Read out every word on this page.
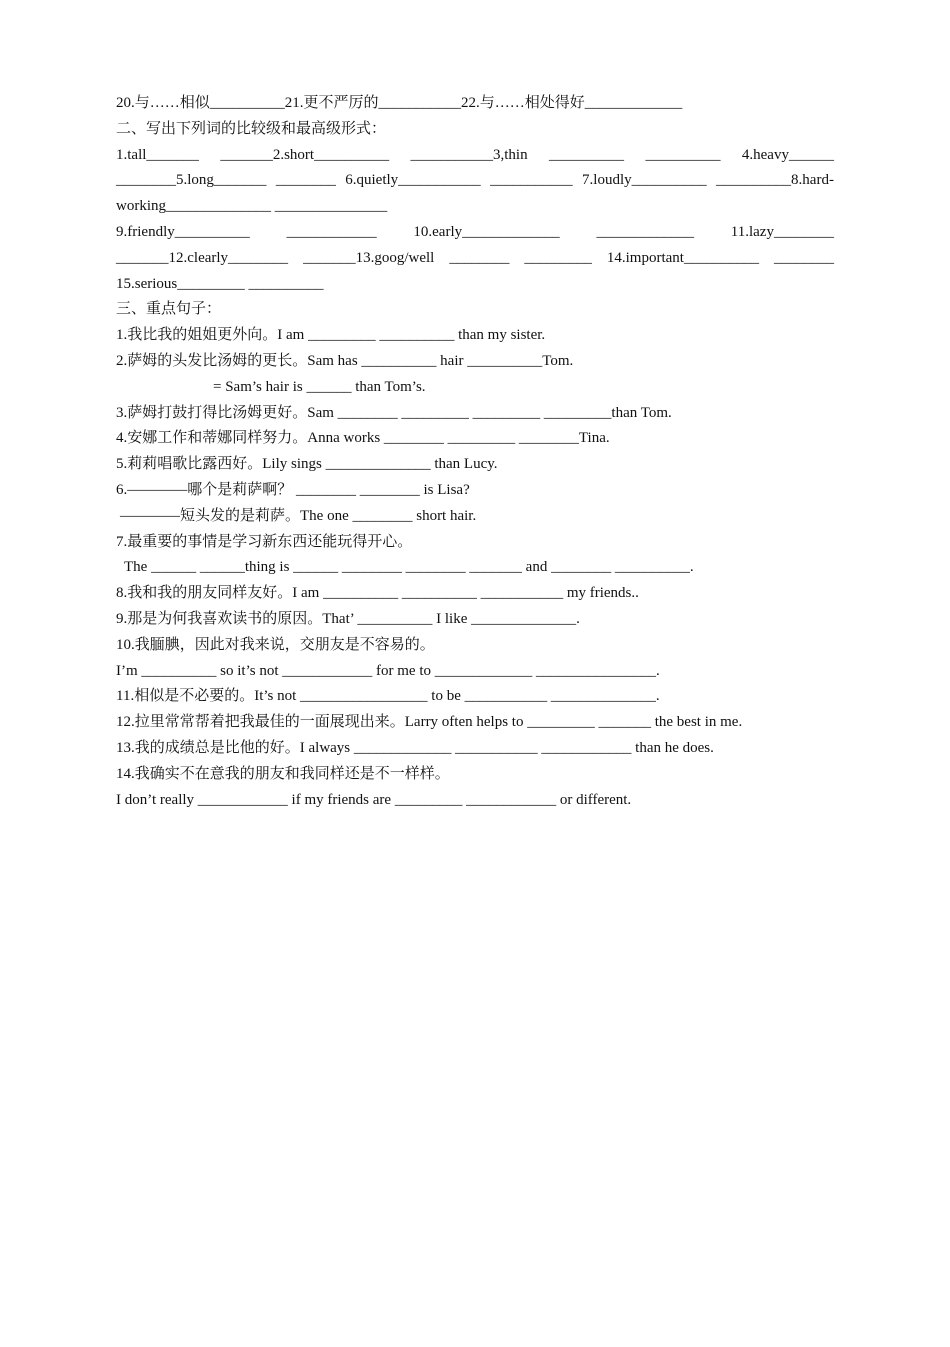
20.与……相似__________21.更不严厉的___________22.与……相处得好_____________
二、写出下列词的比较级和最高级形式：
1.tall_______ _______2.short__________ ___________3,thin __________ __________ 4.heavy______
________5.long_______ ________ 6.quietly___________ ___________ 7.loudly__________ __________8.hard-
working______________ _______________
9.friendly__________ ____________ 10.early_____________ _____________ 11.lazy________
_______12.clearly________ _______13.goog/well ________ _________ 14.important__________ ________
15.serious_________ __________
三、重点句子：
1.我比我的姐姐更外向。I am _________ __________ than my sister.
2.萨姆的头发比汤姆的更长。Sam has __________ hair __________Tom.
= Sam’s hair is ______ than Tom’s.
3.萨姆打鼓打得比汤姆更好。Sam ________ _________ _________ _________than Tom.
4.安娜工作和蒂娜同样努力。Anna works ________ _________ ________Tina.
5.莉莉唱歌比露西好。Lily sings ______________ than Lucy.
6.————哪个是莉萨啊？ ________ ________ is Lisa?
————短头发的是莉萨。The one ________ short hair.
7.最重要的事情是学习新东西还能玩得开心。
The ______ ______thing is ______ ________ ________ _______ and ________ __________.
8.我和我的朋友同样友好。I am __________ __________ ___________ my friends..
9.那是为何我喜欢读书的原因。That’ __________ I like ______________.
10.我腼腆，因此对我来说，交朋友是不容易的。
I’m __________ so it’s not ____________ for me to _____________ ________________.
11.相似是不必要的。It’s not _________________ to be ___________ ______________.
12.拉里常常帮着把我最佳的一面展现出来。Larry often helps to _________ _______ the best in me.
13.我的成绩总是比他的好。I always _____________ ___________ ____________ than he does.
14.我确实不在意我的朋友和我同样还是不一样样。
I don’t really ____________ if my friends are _________ ____________ or different.
